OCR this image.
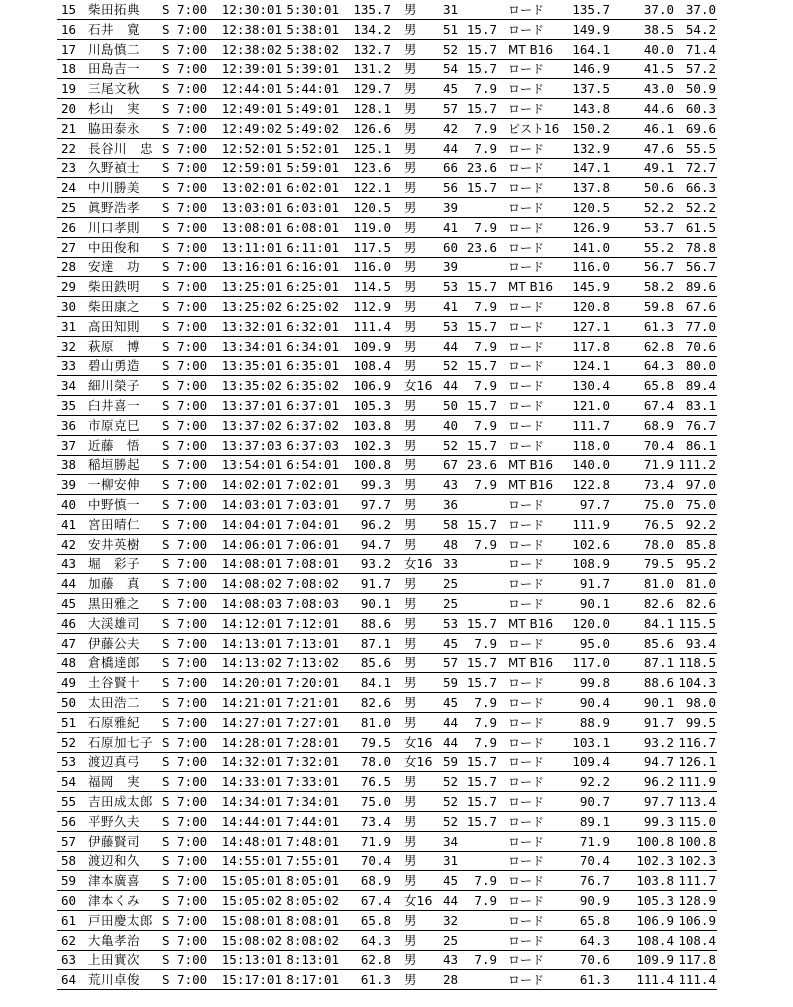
15 柴田拓典	S 7:00	12:30:01 5:30:01	135.7 男	31	ロード	135.7	37.0 37.0
16 石井　寛	S 7:00	12:38:01 5:38:01	134.2 男	51 15.7 ロード	149.9	38.5 54.2
17 川島慎二	S 7:00	12:38:02 5:38:02	132.7 男	52 15.7 MT B16	164.1	40.0 71.4
18 田島吉一	S 7:00	12:39:01 5:39:01	131.2 男	54 15.7 ロード	146.9	41.5 57.2
19 三尾文秋	S 7:00	12:44:01 5:44:01	129.7 男	45	7.9 ロード	137.5	43.0 50.9
20 杉山　実	S 7:00	12:49:01 5:49:01	128.1 男	57 15.7 ロード	143.8	44.6 60.3
21 脇田泰永	S 7:00	12:49:02 5:49:02	126.6 男	42	7.9 ピスト16	150.2	46.1 69.6
22 長谷川　忠 S 7:00	12:52:01 5:52:01	125.1 男	44	7.9 ロード	132.9	47.6 55.5
23 久野禎士	S 7:00	12:59:01 5:59:01	123.6 男	66 23.6 ロード	147.1	49.1 72.7
24 中川勝美	S 7:00	13:02:01 6:02:01	122.1 男	56 15.7 ロード	137.8	50.6 66.3
25 眞野浩孝	S 7:00	13:03:01 6:03:01	120.5 男	39	ロード	120.5	52.2 52.2
26 川口孝則	S 7:00	13:08:01 6:08:01	119.0 男	41	7.9 ロード	126.9	53.7 61.5
27 中田俊和	S 7:00	13:11:01 6:11:01	117.5 男	60 23.6 ロード	141.0	55.2 78.8
28 安達　功	S 7:00	13:16:01 6:16:01	116.0 男	39	ロード	116.0	56.7 56.7
29 柴田鉄明	S 7:00	13:25:01 6:25:01	114.5 男	53 15.7 MT B16	145.9	58.2 89.6
30 柴田康之	S 7:00	13:25:02 6:25:02	112.9 男	41	7.9 ロード	120.8	59.8 67.6
31 高田知則	S 7:00	13:32:01 6:32:01	111.4 男	53 15.7 ロード	127.1	61.3 77.0
32 萩原　博	S 7:00	13:34:01 6:34:01	109.9 男	44	7.9 ロード	117.8	62.8 70.6
33 碧山勇造	S 7:00	13:35:01 6:35:01	108.4 男	52 15.7 ロード	124.1	64.3 80.0
34 細川榮子	S 7:00	13:35:02 6:35:02	106.9 女16 44	7.9 ロード	130.4	65.8 89.4
35 臼井喜一	S 7:00	13:37:01 6:37:01	105.3 男	50 15.7 ロード	121.0	67.4 83.1
36 市原克巳	S 7:00	13:37:02 6:37:02	103.8 男	40	7.9 ロード	111.7	68.9 76.7
37 近藤　悟	S 7:00	13:37:03 6:37:03	102.3 男	52 15.7 ロード	118.0	70.4 86.1
38 稲垣勝起	S 7:00	13:54:01 6:54:01	100.8 男	67 23.6 MT B16	140.0	71.9 111.2
39 一柳安伸	S 7:00	14:02:01 7:02:01	99.3 男	43	7.9 MT B16	122.8	73.4 97.0
40 中野慎一	S 7:00	14:03:01 7:03:01	97.7 男	36	ロード	97.7	75.0 75.0
41 宮田晴仁	S 7:00	14:04:01 7:04:01	96.2 男	58 15.7 ロード	111.9	76.5 92.2
42 安井英樹	S 7:00	14:06:01 7:06:01	94.7 男	48	7.9 ロード	102.6	78.0 85.8
43 堀　彩子	S 7:00	14:08:01 7:08:01	93.2 女16 33	ロード	108.9	79.5 95.2
44 加藤　真	S 7:00	14:08:02 7:08:02	91.7 男	25	ロード	91.7	81.0 81.0
45 黒田雅之	S 7:00	14:08:03 7:08:03	90.1 男	25	ロード	90.1	82.6 82.6
46 大渓雄司	S 7:00	14:12:01 7:12:01	88.6 男	53 15.7 MT B16	120.0	84.1 115.5
47 伊藤公夫	S 7:00	14:13:01 7:13:01	87.1 男	45	7.9 ロード	95.0	85.6 93.4
48 倉橋達郎	S 7:00	14:13:02 7:13:02	85.6 男	57 15.7 MT B16	117.0	87.1 118.5
49 土谷賢十	S 7:00	14:20:01 7:20:01	84.1 男	59 15.7 ロード	99.8	88.6 104.3
50 太田浩二	S 7:00	14:21:01 7:21:01	82.6 男	45	7.9 ロード	90.4	90.1 98.0
51 石原雅紀	S 7:00	14:27:01 7:27:01	81.0 男	44	7.9 ロード	88.9	91.7 99.5
52 石原加七子 S 7:00	14:28:01 7:28:01	79.5 女16 44	7.9 ロード	103.1	93.2 116.7
53 渡辺真弓	S 7:00	14:32:01 7:32:01	78.0 女16 59 15.7 ロード	109.4	94.7 126.1
54 福岡　実	S 7:00	14:33:01 7:33:01	76.5 男	52 15.7 ロード	92.2	96.2 111.9
55 吉田成太郎 S 7:00	14:34:01 7:34:01	75.0 男	52 15.7 ロード	90.7	97.7 113.4
56 平野久夫	S 7:00	14:44:01 7:44:01	73.4 男	52 15.7 ロード	89.1	99.3 115.0
57 伊藤賢司	S 7:00	14:48:01 7:48:01	71.9 男	34	ロード	71.9	100.8 100.8
58 渡辺和久	S 7:00	14:55:01 7:55:01	70.4 男	31	ロード	70.4	102.3 102.3
59 津本廣喜	S 7:00	15:05:01 8:05:01	68.9 男	45	7.9 ロード	76.7	103.8 111.7
60 津本くみ	S 7:00	15:05:02 8:05:02	67.4 女16 44	7.9 ロード	90.9	105.3 128.9
61 戸田慶太郎 S 7:00	15:08:01 8:08:01	65.8 男	32	ロード	65.8	106.9 106.9
62 大亀孝治	S 7:00	15:08:02 8:08:02	64.3 男	25	ロード	64.3	108.4 108.4
63 上田實次	S 7:00	15:13:01 8:13:01	62.8 男	43	7.9 ロード	70.6	109.9 117.8
64 荒川卓俊	S 7:00	15:17:01 8:17:01	61.3 男	28	ロード	61.3	111.4 111.4
